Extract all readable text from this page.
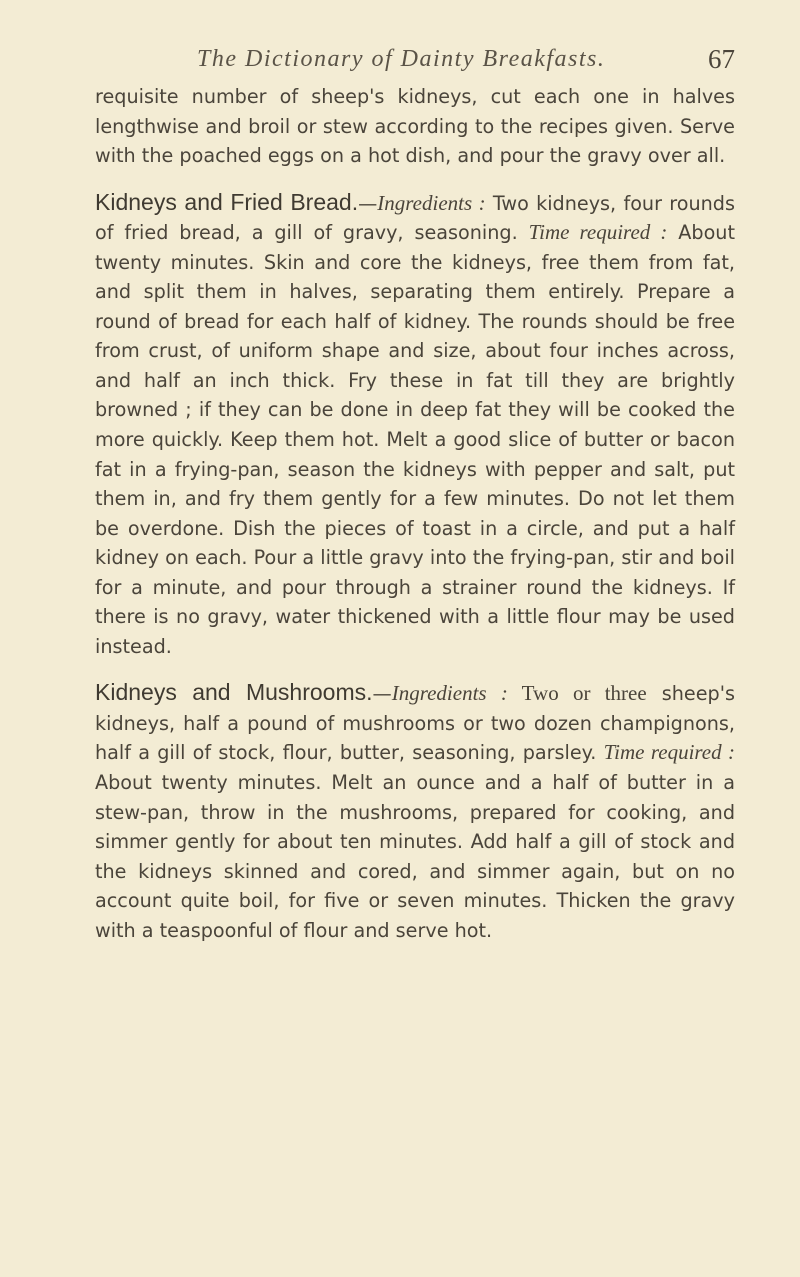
The Dictionary of Dainty Breakfasts.	67

requisite number of sheep's kidneys, cut each one in halves lengthwise and broil or stew according to the recipes given. Serve with the poached eggs on a hot dish, and pour the gravy over all.

Kidneys and Fried Bread.—Ingredients : Two kidneys, four rounds of fried bread, a gill of gravy, seasoning. Time required : About twenty minutes. Skin and core the kidneys, free them from fat, and split them in halves, separating them entirely. Prepare a round of bread for each half of kidney. The rounds should be free from crust, of uniform shape and size, about four inches across, and half an inch thick. Fry these in fat till they are brightly browned ; if they can be done in deep fat they will be cooked the more quickly. Keep them hot. Melt a good slice of butter or bacon fat in a frying-pan, season the kidneys with pepper and salt, put them in, and fry them gently for a few minutes. Do not let them be overdone. Dish the pieces of toast in a circle, and put a half kidney on each. Pour a little gravy into the frying-pan, stir and boil for a minute, and pour through a strainer round the kidneys. If there is no gravy, water thickened with a little flour may be used instead.

Kidneys and Mushrooms.—Ingredients : Two or three sheep's kidneys, half a pound of mushrooms or two dozen champignons, half a gill of stock, flour, butter, seasoning, parsley. Time required : About twenty minutes. Melt an ounce and a half of butter in a stew-pan, throw in the mushrooms, prepared for cooking, and simmer gently for about ten minutes. Add half a gill of stock and the kidneys skinned and cored, and simmer again, but on no account quite boil, for five or seven minutes. Thicken the gravy with a teaspoonful of flour and serve hot.
